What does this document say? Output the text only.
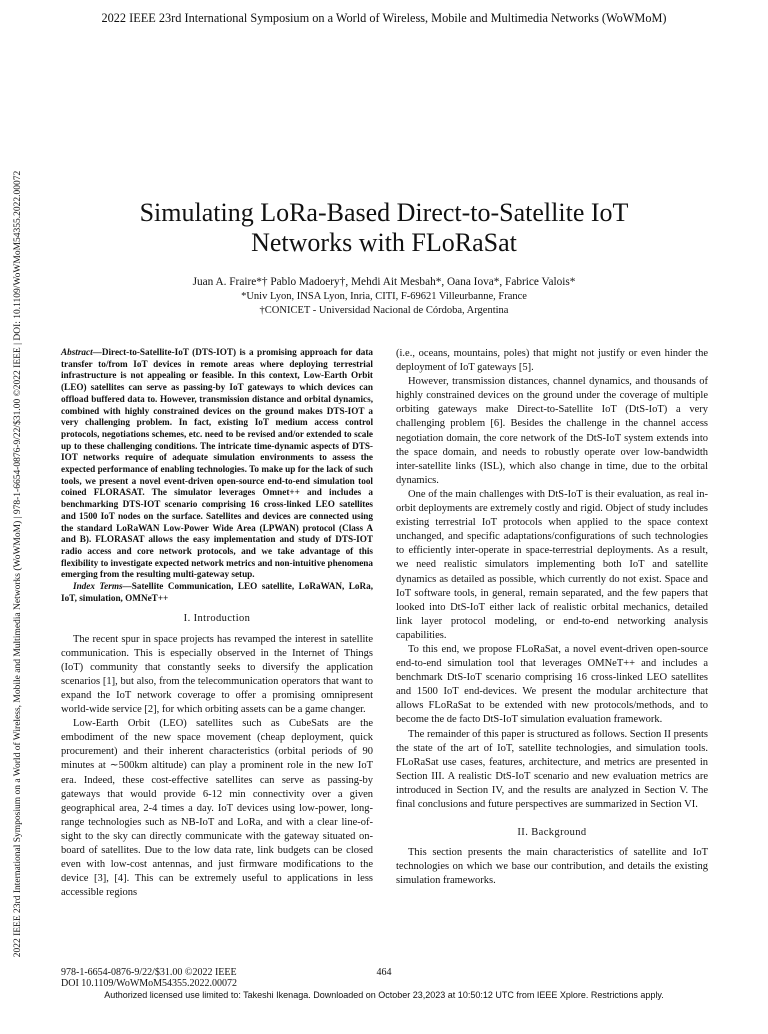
2022 IEEE 23rd International Symposium on a World of Wireless, Mobile and Multimedia Networks (WoWMoM)
2022 IEEE 23rd International Symposium on a World of Wireless, Mobile and Multimedia Networks (WoWMoM) | 978-1-6654-0876-9/22/$31.00 ©2022 IEEE | DOI: 10.1109/WoWMoM54355.2022.00072	Simulating LoRa-Based Direct-to-Satellite IoT
Networks with FLoRaSat
Juan A. Fraire*† Pablo Madoery†, Mehdi Ait Mesbah*, Oana Iova*, Fabrice Valois*
*Univ Lyon, INSA Lyon, Inria, CITI, F-69621 Villeurbanne, France
†CONICET - Universidad Nacional de Córdoba, Argentina

Abstract—Direct-to-Satellite-IoT (DTS-IOT) is a promising approach for data transfer to/from IoT devices in remote areas where deploying terrestrial infrastructure is not appealing or feasible. In this context, Low-Earth Orbit (LEO) satellites can serve as passing-by IoT gateways to which devices can offload buffered data to. However, transmission distance and orbital dynamics, combined with highly constrained devices on the ground makes DTS-IOT a very challenging problem. In fact, existing IoT medium access control protocols, negotiations schemes, etc. need to be revised and/or extended to scale up to these challenging conditions. The intricate time-dynamic aspects of DTS-IOT networks require of adequate simulation environments to assess the expected performance of enabling technologies. To make up for the lack of such tools, we present a novel event-driven open-source end-to-end simulation tool coined FLORASAT. The simulator leverages Omnet++ and includes a benchmarking DTS-IOT scenario comprising 16 cross-linked LEO satellites and 1500 IoT nodes on the surface. Satellites and devices are connected using the standard LoRaWAN Low-Power Wide Area (LPWAN) protocol (Class A and B). FLORASAT allows the easy implementation and study of DTS-IOT radio access and core network protocols, and we take advantage of this flexibility to investigate expected network metrics and non-intuitive phenomena emerging from the resulting multi-gateway setup.

Index Terms—Satellite Communication, LEO satellite, LoRaWAN, LoRa, IoT, simulation, OMNeT++

I. Introduction

The recent spur in space projects has revamped the interest in satellite communication. This is especially observed in the Internet of Things (IoT) community that constantly seeks to diversify the application scenarios [1], but also, from the telecommunication operators that want to expand the IoT network coverage to offer a promising omnipresent world-wide service [2], for which orbiting assets can be a game changer.

Low-Earth Orbit (LEO) satellites such as CubeSats are the embodiment of the new space movement (cheap deployment, quick procurement) and their inherent characteristics (orbital periods of 90 minutes at ∼500km altitude) can play a prominent role in the new IoT era. Indeed, these cost-effective satellites can serve as passing-by gateways that would provide 6-12 min connectivity over a given geographical area, 2-4 times a day. IoT devices using low-power, long-range technologies such as NB-IoT and LoRa, and with a clear line-of-sight to the sky can directly communicate with the gateway situated on-board of satellites. Due to the low data rate, link budgets can be closed even with low-cost antennas, and just firmware modifications to the device [3], [4]. This can be extremely useful to applications in less accessible regions

(i.e., oceans, mountains, poles) that might not justify or even hinder the deployment of IoT gateways [5].

However, transmission distances, channel dynamics, and thousands of highly constrained devices on the ground under the coverage of multiple orbiting gateways make Direct-to-Satellite IoT (DtS-IoT) a very challenging problem [6]. Besides the challenge in the channel access negotiation domain, the core network of the DtS-IoT system extends into the space domain, and needs to robustly operate over low-bandwidth inter-satellite links (ISL), which also change in time, due to the orbital dynamics.

One of the main challenges with DtS-IoT is their evaluation, as real in-orbit deployments are extremely costly and rigid. Object of study includes existing terrestrial IoT protocols when applied to the space context unchanged, and specific adaptations/configurations of such technologies to efficiently inter-operate in space-terrestrial deployments. As a result, we need realistic simulators implementing both IoT and satellite dynamics as detailed as possible, which currently do not exist. Space and IoT software tools, in general, remain separated, and the few papers that looked into DtS-IoT either lack of realistic orbital mechanics, detailed link layer protocol modeling, or end-to-end networking analysis capabilities.

To this end, we propose FLoRaSat, a novel event-driven open-source end-to-end simulation tool that leverages OMNeT++ and includes a benchmark DtS-IoT scenario comprising 16 cross-linked LEO satellites and 1500 IoT end-devices. We present the modular architecture that allows FLoRaSat to be extended with new protocols/methods, and to become the de facto DtS-IoT simulation evaluation framework.

The remainder of this paper is structured as follows. Section II presents the state of the art of IoT, satellite technologies, and simulation tools. FLoRaSat use cases, features, architecture, and metrics are presented in Section III. A realistic DtS-IoT scenario and new evaluation metrics are introduced in Section IV, and the results are analyzed in Section V. The final conclusions and future perspectives are summarized in Section VI.

II. Background

This section presents the main characteristics of satellite and IoT technologies on which we base our contribution, and details the existing simulation frameworks.

978-1-6654-0876-9/22/$31.00 ©2022 IEEE
DOI 10.1109/WoWMoM54355.2022.00072
464
Authorized licensed use limited to: Takeshi Ikenaga. Downloaded on October 23,2023 at 10:50:12 UTC from IEEE Xplore. Restrictions apply.
